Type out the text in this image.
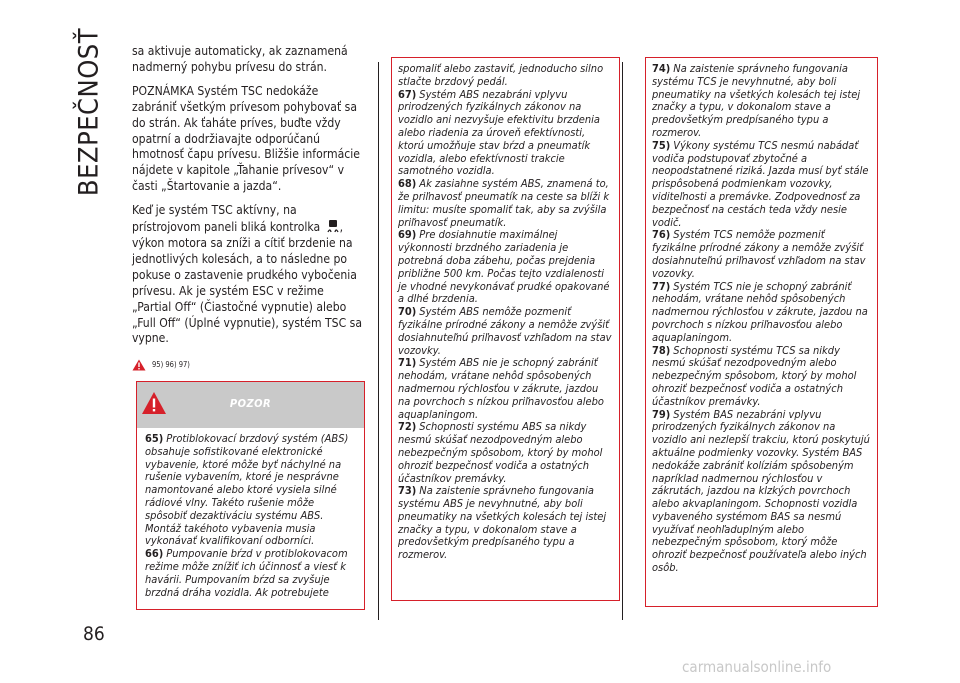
BEZPEČNOSŤ
86

sa aktivuje automaticky, ak zaznamená nadmerný pohybu prívesu do strán.

POZNÁMKA Systém TSC nedokáže zabrániť všetkým prívesom pohybovať sa do strán. Ak ťaháte príves, buďte vždy opatrní a dodržiavajte odporúčanú hmotnosť čapu prívesu. Bližšie informácie nájdete v kapitole „Ťahanie prívesov“ v časti „Štartovanie a jazda“.

Keď je systém TSC aktívny, na prístrojovom paneli bliká kontrolka , výkon motora sa zníži a cítiť brzdenie na jednotlivých kolesách, a to následne po pokuse o zastavenie prudkého vybočenia prívesu. Ak je systém ESC v režime „Partial Off“ (Čiastočné vypnutie) alebo „Full Off“ (Úplné vypnutie), systém TSC sa vypne.

95) 96) 97)
POZOR
65) Protiblokovací brzdový systém (ABS) obsahuje sofistikované elektronické vybavenie, ktoré môže byť náchylné na rušenie vybavením, ktoré je nesprávne namontované alebo ktoré vysiela silné rádiové vlny. Takéto rušenie môže spôsobiť dezaktiváciu systému ABS. Montáž takéhoto vybavenia musia vykonávať kvalifikovaní odborníci.
66) Pumpovanie bŕzd v protiblokovacom režime môže znížiť ich účinnosť a viesť k havárii. Pumpovaním bŕzd sa zvyšuje brzdná dráha vozidla. Ak potrebujete
spomaliť alebo zastaviť, jednoducho silno stlačte brzdový pedál.
67) Systém ABS nezabráni vplyvu prirodzených fyzikálnych zákonov na vozidlo ani nezvyšuje efektivitu brzdenia alebo riadenia za úroveň efektívnosti, ktorú umožňuje stav bŕzd a pneumatík vozidla, alebo efektívnosti trakcie samotného vozidla.
68) Ak zasiahne systém ABS, znamená to, že priľnavosť pneumatík na ceste sa blíži k limitu: musíte spomaliť tak, aby sa zvýšila priľnavosť pneumatík.
69) Pre dosiahnutie maximálnej výkonnosti brzdného zariadenia je potrebná doba zábehu, počas prejdenia približne 500 km. Počas tejto vzdialenosti je vhodné nevykonávať prudké opakované a dlhé brzdenia.
70) Systém ABS nemôže pozmeniť fyzikálne prírodné zákony a nemôže zvýšiť dosiahnuteľnú priľnavosť vzhľadom na stav vozovky.
71) Systém ABS nie je schopný zabrániť nehodám, vrátane nehôd spôsobených nadmernou rýchlosťou v zákrute, jazdou na povrchoch s nízkou priľnavosťou alebo aquaplaningom.
72) Schopnosti systému ABS sa nikdy nesmú skúšať nezodpovedným alebo nebezpečným spôsobom, ktorý by mohol ohroziť bezpečnosť vodiča a ostatných účastníkov premávky.
73) Na zaistenie správneho fungovania systému ABS je nevyhnutné, aby boli pneumatiky na všetkých kolesách tej istej značky a typu, v dokonalom stave a predovšetkým predpísaného typu a rozmerov.
74) Na zaistenie správneho fungovania systému TCS je nevyhnutné, aby boli pneumatiky na všetkých kolesách tej istej značky a typu, v dokonalom stave a predovšetkým predpísaného typu a rozmerov.
75) Výkony systému TCS nesmú nabádať vodiča podstupovať zbytočné a neopodstatnené riziká. Jazda musí byť stále prispôsobená podmienkam vozovky, viditeľnosti a premávke. Zodpovednosť za bezpečnosť na cestách teda vždy nesie vodič.
76) Systém TCS nemôže pozmeniť fyzikálne prírodné zákony a nemôže zvýšiť dosiahnuteľnú priľnavosť vzhľadom na stav vozovky.
77) Systém TCS nie je schopný zabrániť nehodám, vrátane nehôd spôsobených nadmernou rýchlosťou v zákrute, jazdou na povrchoch s nízkou priľnavosťou alebo aquaplaningom.
78) Schopnosti systému TCS sa nikdy nesmú skúšať nezodpovedným alebo nebezpečným spôsobom, ktorý by mohol ohroziť bezpečnosť vodiča a ostatných účastníkov premávky.
79) Systém BAS nezabráni vplyvu prirodzených fyzikálnych zákonov na vozidlo ani nezlepší trakciu, ktorú poskytujú aktuálne podmienky vozovky. Systém BAS nedokáže zabrániť kolíziám spôsobeným napríklad nadmernou rýchlosťou v zákrutách, jazdou na klzkých povrchoch alebo akvaplaningom. Schopnosti vozidla vybaveného systémom BAS sa nesmú využívať neohľaduplným alebo nebezpečným spôsobom, ktorý môže ohroziť bezpečnosť používateľa alebo iných osôb.
carmanualsonline.info
